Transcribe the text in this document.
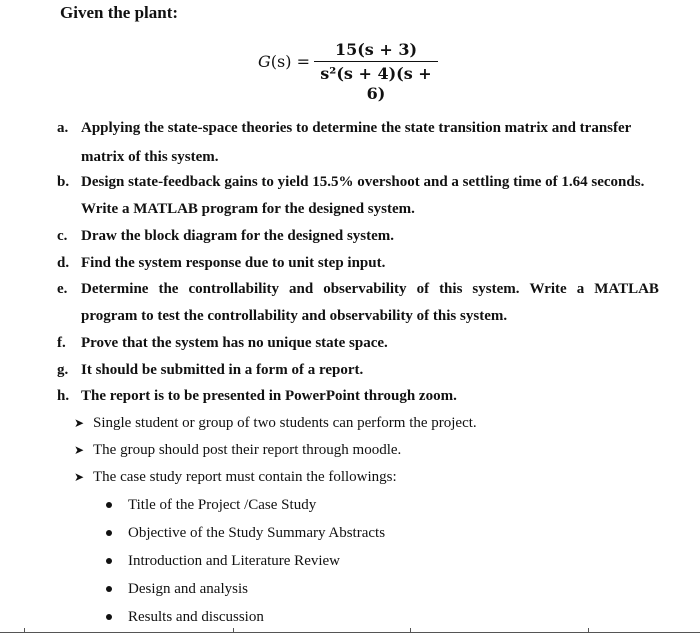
Given the plant:
G(s) =
15(s + 3)
s²(s + 4)(s + 6)
a. Applying the state-space theories to determine the state transition matrix and transfer
matrix of this system.
b. Design state-feedback gains to yield 15.5% overshoot and a settling time of 1.64 seconds.
Write a MATLAB program for the designed system.
c. Draw the block diagram for the designed system.
d. Find the system response due to unit step input.
e. Determine the controllability and observability of this system. Write a MATLAB
program to test the controllability and observability of this system.
f. Prove that the system has no unique state space.
g. It should be submitted in a form of a report.
h. The report is to be presented in PowerPoint through zoom.
➤ Single student or group of two students can perform the project.
➤ The group should post their report through moodle.
➤ The case study report must contain the followings:
Title of the Project /Case Study
Objective of the Study Summary Abstracts
Introduction and Literature Review
Design and analysis
Results and discussion
